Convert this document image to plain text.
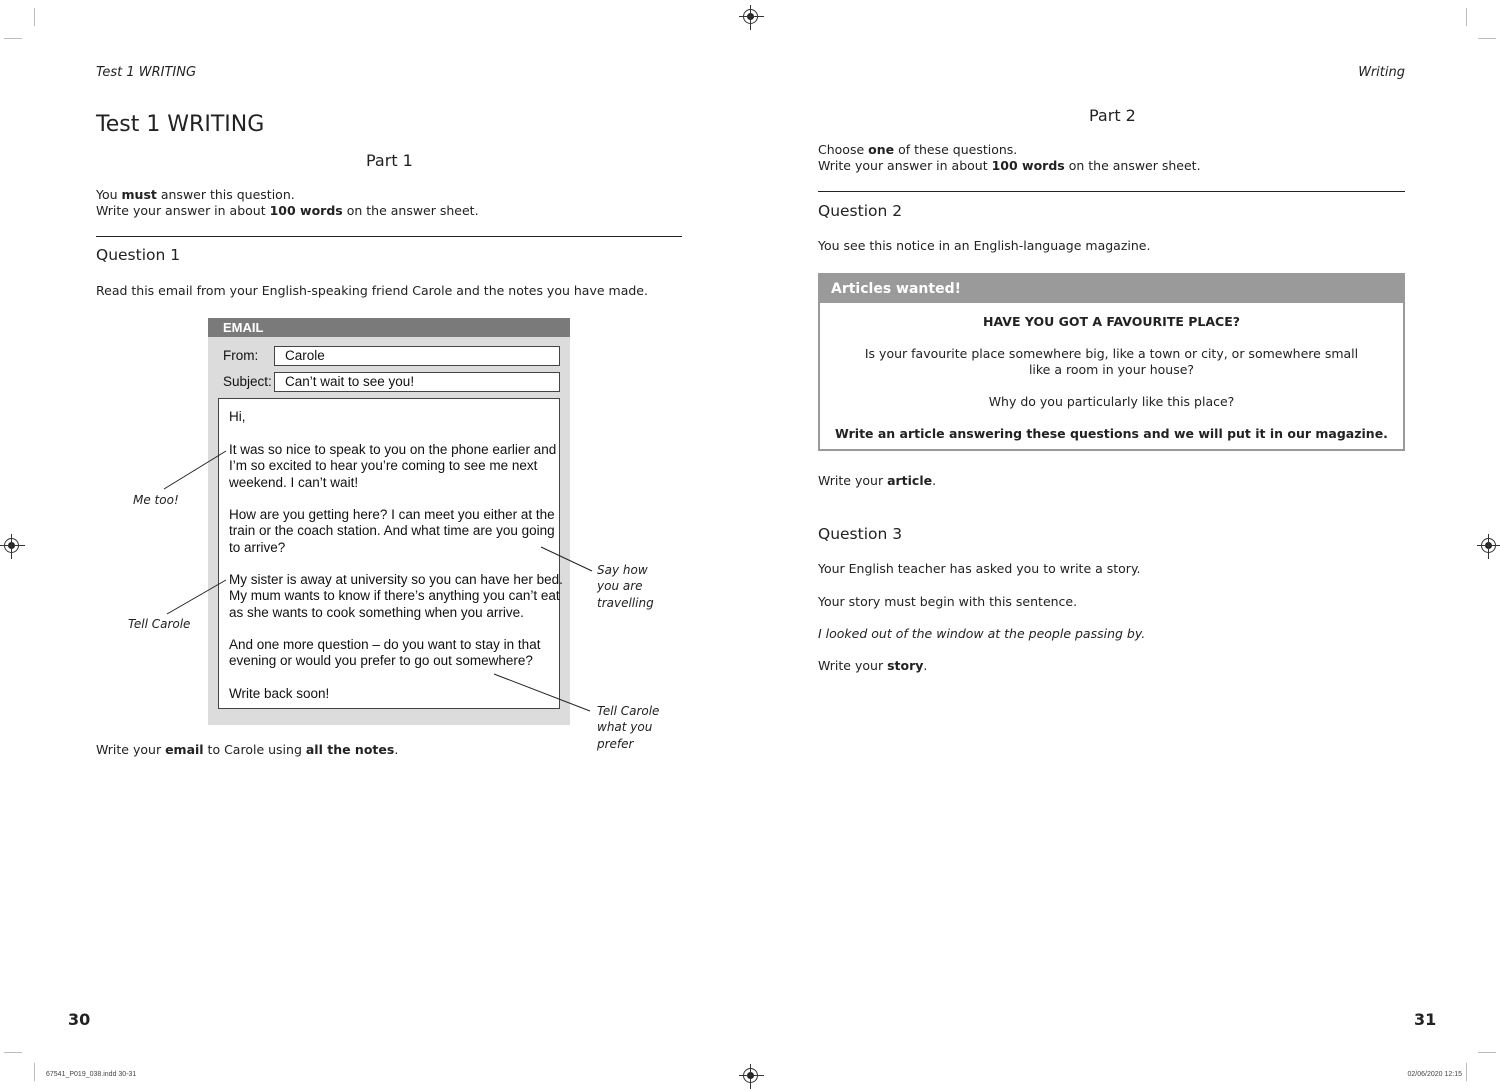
Test 1 WRITING
Test 1 WRITING
Part 1
You must answer this question.
Write your answer in about 100 words on the answer sheet.
Question 1
Read this email from your English-speaking friend Carole and the notes you have made.
EMAIL
From:	Carole
Subject: Can’t wait to see you!
Hi,
It was so nice to speak to you on the phone earlier and
I’m so excited to hear you’re coming to see me next
weekend. I can’t wait!
How are you getting here? I can meet you either at the
train or the coach station. And what time are you going
to arrive?
My sister is away at university so you can have her bed.
My mum wants to know if there’s anything you can’t eat
as she wants to cook something when you arrive.
And one more question – do you want to stay in that
evening or would you prefer to go out somewhere?
Write back soon!
Me too!
Tell Carole
Say how
you are
travelling
Tell Carole
what you
prefer
Write your email to Carole using all the notes.
30
Writing
Part 2
Choose one of these questions.
Write your answer in about 100 words on the answer sheet.
Question 2
You see this notice in an English-language magazine.
Articles wanted!
HAVE YOU GOT A FAVOURITE PLACE?
Is your favourite place somewhere big, like a town or city, or somewhere small
like a room in your house?
Why do you particularly like this place?
Write an article answering these questions and we will put it in our magazine.
Write your article.
Question 3
Your English teacher has asked you to write a story.
Your story must begin with this sentence.
I looked out of the window at the people passing by.
Write your story.
31
67541_P019_038.indd 30-31	02/06/2020 12:15
